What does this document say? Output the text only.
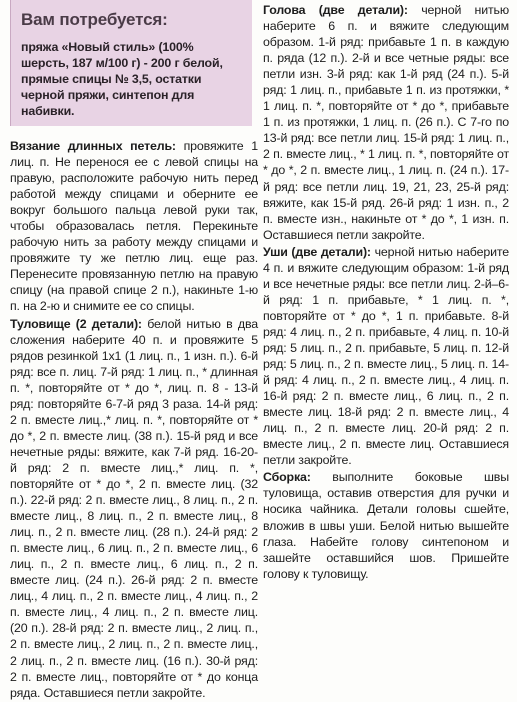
Вам потребуется:
пряжа «Новый стиль» (100% шерсть, 187 м/100 г) - 200 г белой, прямые спицы № 3,5, остатки черной пряжи, синтепон для набивки.
Вязание длинных петель: провяжите 1 лиц. п. Не перенося ее с левой спицы на правую, расположите рабочую нить перед работой между спицами и оберните ее вокруг большого пальца левой руки так, чтобы образовалась петля. Перекиньте рабочую нить за работу между спицами и провяжите ту же петлю лиц. еще раз. Перенесите провязанную петлю на правую спицу (на правой спице 2 п.), накиньте 1-ю п. на 2-ю и снимите ее со спицы.
Туловище (2 детали): белой нитью в два сложения наберите 40 п. и провяжите 5 рядов резинкой 1x1 (1 лиц. п., 1 изн. п.). 6-й ряд: все п. лиц. 7-й ряд: 1 лиц. п., * длинная п. *, повторяйте от * до *, лиц. п. 8 - 13-й ряд: повторяйте 6-7-й ряд 3 раза. 14-й ряд: 2 п. вместе лиц.,* лиц. п. *, повторяйте от * до *, 2 п. вместе лиц. (38 п.). 15-й ряд и все нечетные ряды: вяжите, как 7-й ряд. 16-20-й ряд: 2 п. вместе лиц.,* лиц. п. *, повторяйте от * до *, 2 п. вместе лиц. (32 п.). 22-й ряд: 2 п. вместе лиц., 8 лиц. п., 2 п. вместе лиц., 8 лиц. п., 2 п. вместе лиц., 8 лиц. п., 2 п. вместе лиц. (28 п.). 24-й ряд: 2 п. вместе лиц., 6 лиц. п., 2 п. вместе лиц., 6 лиц. п., 2 п. вместе лиц., 6 лиц. п., 2 п. вместе лиц. (24 п.). 26-й ряд: 2 п. вместе лиц., 4 лиц. п., 2 п. вместе лиц., 4 лиц. п., 2 п. вместе лиц., 4 лиц. п., 2 п. вместе лиц. (20 п.). 28-й ряд: 2 п. вместе лиц., 2 лиц. п., 2 п. вместе лиц., 2 лиц. п., 2 п. вместе лиц., 2 лиц. п., 2 п. вместе лиц. (16 п.). 30-й ряд: 2 п. вместе лиц., повторяйте от * до конца ряда. Оставшиеся петли закройте.
Голова (две детали): черной нитью наберите 6 п. и вяжите следующим образом. 1-й ряд: прибавьте 1 п. в каждую п. ряда (12 п.). 2-й и все четные ряды: все петли изн. 3-й ряд: как 1-й ряд (24 п.). 5-й ряд: 1 лиц. п., прибавьте 1 п. из протяжки, * 1 лиц. п. *, повторяйте от * до *, прибавьте 1 п. из протяжки, 1 лиц. п. (26 п.). С 7-го по 13-й ряд: все петли лиц. 15-й ряд: 1 лиц. п., 2 п. вместе лиц., * 1 лиц. п. *, повторяйте от * до *, 2 п. вместе лиц., 1 лиц. п. (24 п.). 17-й ряд: все петли лиц. 19, 21, 23, 25-й ряд: вяжите, как 15-й ряд. 26-й ряд: 1 изн. п., 2 п. вместе изн., накиньте от * до *, 1 изн. п. Оставшиеся петли закройте.
Уши (две детали): черной нитью наберите 4 п. и вяжите следующим образом: 1-й ряд и все нечетные ряды: все петли лиц. 2-й–6-й ряд: 1 п. прибавьте, * 1 лиц. п. *, повторяйте от * до *, 1 п. прибавьте. 8-й ряд: 4 лиц. п., 2 п. прибавьте, 4 лиц. п. 10-й ряд: 5 лиц. п., 2 п. прибавьте, 5 лиц. п. 12-й ряд: 5 лиц. п., 2 п. вместе лиц., 5 лиц. п. 14-й ряд: 4 лиц. п., 2 п. вместе лиц., 4 лиц. п. 16-й ряд: 2 п. вместе лиц., 6 лиц. п., 2 п. вместе лиц. 18-й ряд: 2 п. вместе лиц., 4 лиц. п., 2 п. вместе лиц. 20-й ряд: 2 п. вместе лиц., 2 п. вместе лиц. Оставшиеся петли закройте.
Сборка: выполните боковые швы туловища, оставив отверстия для ручки и носика чайника. Детали головы сшейте, вложив в швы уши. Белой нитью вышейте глаза. Набейте голову синтепоном и зашейте оставшийся шов. Пришейте голову к туловищу.
